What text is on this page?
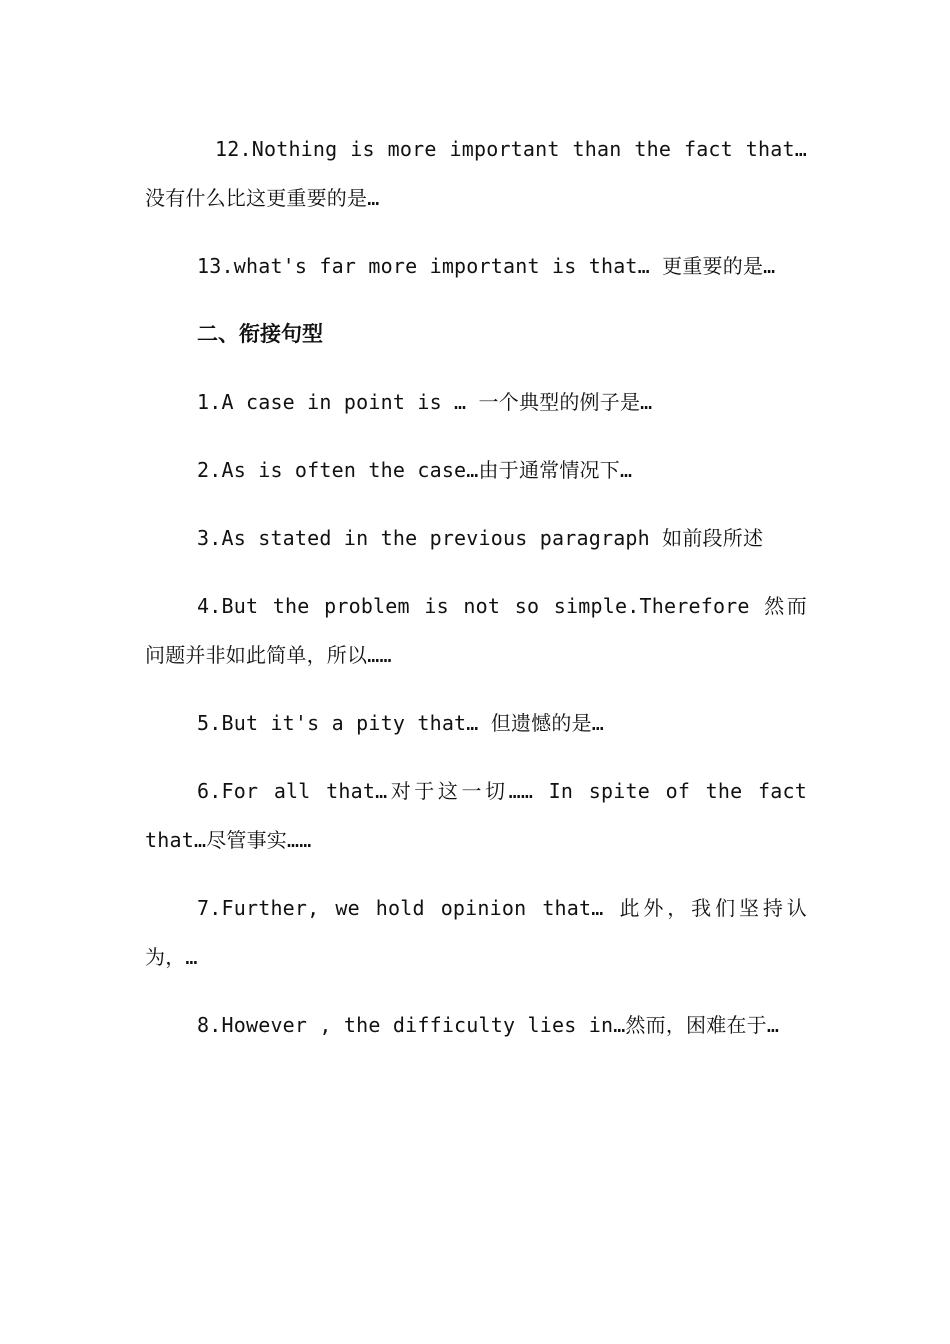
12.Nothing is more important than the fact that… 没有什么比这更重要的是…

13.what's far more important is that… 更重要的是…

二、衔接句型

1.A case in point is … 一个典型的例子是…

2.As is often the case…由于通常情况下…

3.As stated in the previous paragraph 如前段所述

4.But the problem is not so simple.Therefore 然而问题并非如此简单，所以……

5.But it's a pity that… 但遗憾的是…

6.For all that…对于这一切…… In spite of the fact that…尽管事实……

7.Further, we hold opinion that… 此外，我们坚持认为，…

8.However , the difficulty lies in…然而，困难在于…
